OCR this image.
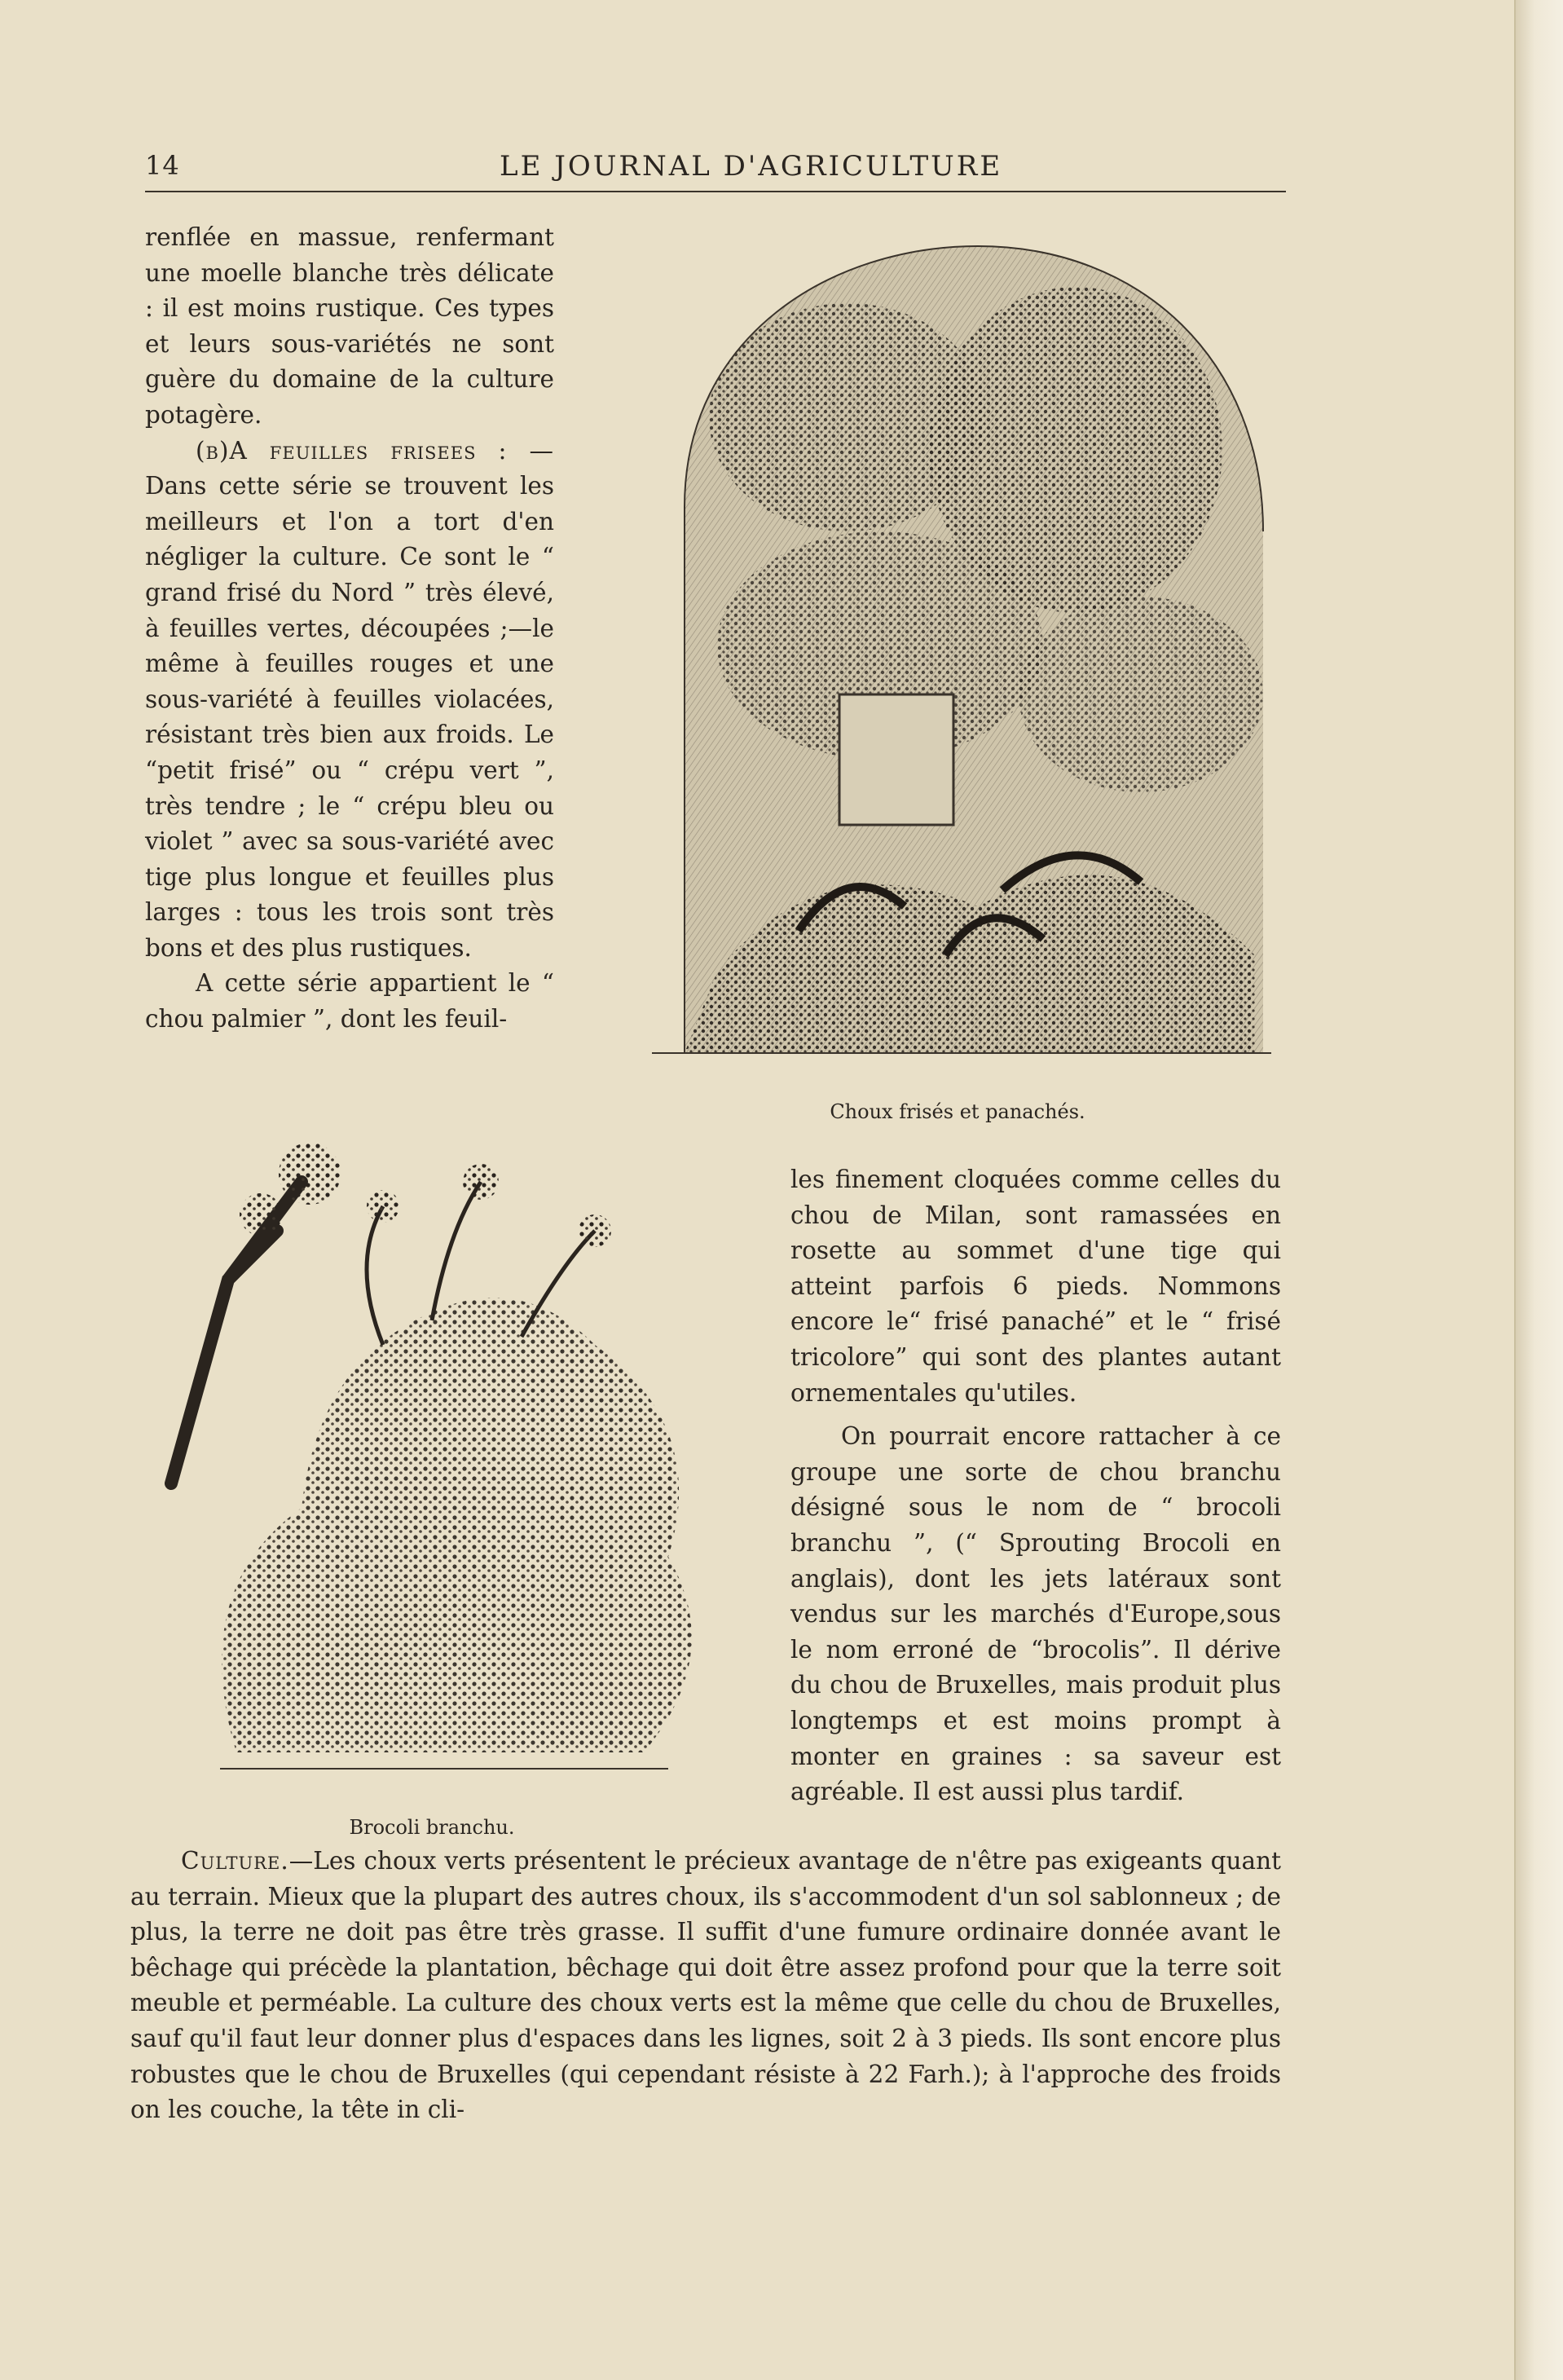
14	LE JOURNAL D'AGRICULTURE

renflée en massue, renfermant une moelle blanche très délicate : il est moins rustique. Ces types et leurs sous-variétés ne sont guère du domaine de la culture potagère.

(b)A feuilles frisees : — Dans cette série se trouvent les meilleurs et l'on a tort d'en négliger la culture. Ce sont le “ grand frisé du Nord ” très élevé, à feuilles vertes, découpées ;—le même à feuilles rouges et une sous-variété à feuilles violacées, résistant très bien aux froids. Le “petit frisé” ou “ crépu vert ”, très tendre ; le “ crépu bleu ou violet ” avec sa sous-variété avec tige plus longue et feuilles plus larges : tous les trois sont très bons et des plus rustiques.

A cette série appartient le “ chou palmier ”, dont les feuil-

Choux frisés et panachés.
Brocoli branchu.

les finement cloquées comme celles du chou de Milan, sont ramassées en rosette au sommet d'une tige qui atteint parfois 6 pieds. Nommons encore le“ frisé panaché” et le “ frisé tricolore” qui sont des plantes autant ornementales qu'utiles.

On pourrait encore rattacher à ce groupe une sorte de chou branchu désigné sous le nom de “ brocoli branchu ”, (“ Sprouting Brocoli en anglais), dont les jets latéraux sont vendus sur les marchés d'Europe,sous le nom erroné de “brocolis”. Il dérive du chou de Bruxelles, mais produit plus longtemps et est moins prompt à monter en graines : sa saveur est agréable. Il est aussi plus tardif.

Culture.—Les choux verts présentent le précieux avantage de n'être pas exigeants quant au terrain. Mieux que la plupart des autres choux, ils s'accommodent d'un sol sablonneux ; de plus, la terre ne doit pas être très grasse. Il suffit d'une fumure ordinaire donnée avant le bêchage qui précède la plantation, bêchage qui doit être assez profond pour que la terre soit meuble et perméable. La culture des choux verts est la même que celle du chou de Bruxelles, sauf qu'il faut leur donner plus d'espaces dans les lignes, soit 2 à 3 pieds. Ils sont encore plus robustes que le chou de Bruxelles (qui cependant résiste à 22 Farh.); à l'approche des froids on les couche, la tête in cli-
